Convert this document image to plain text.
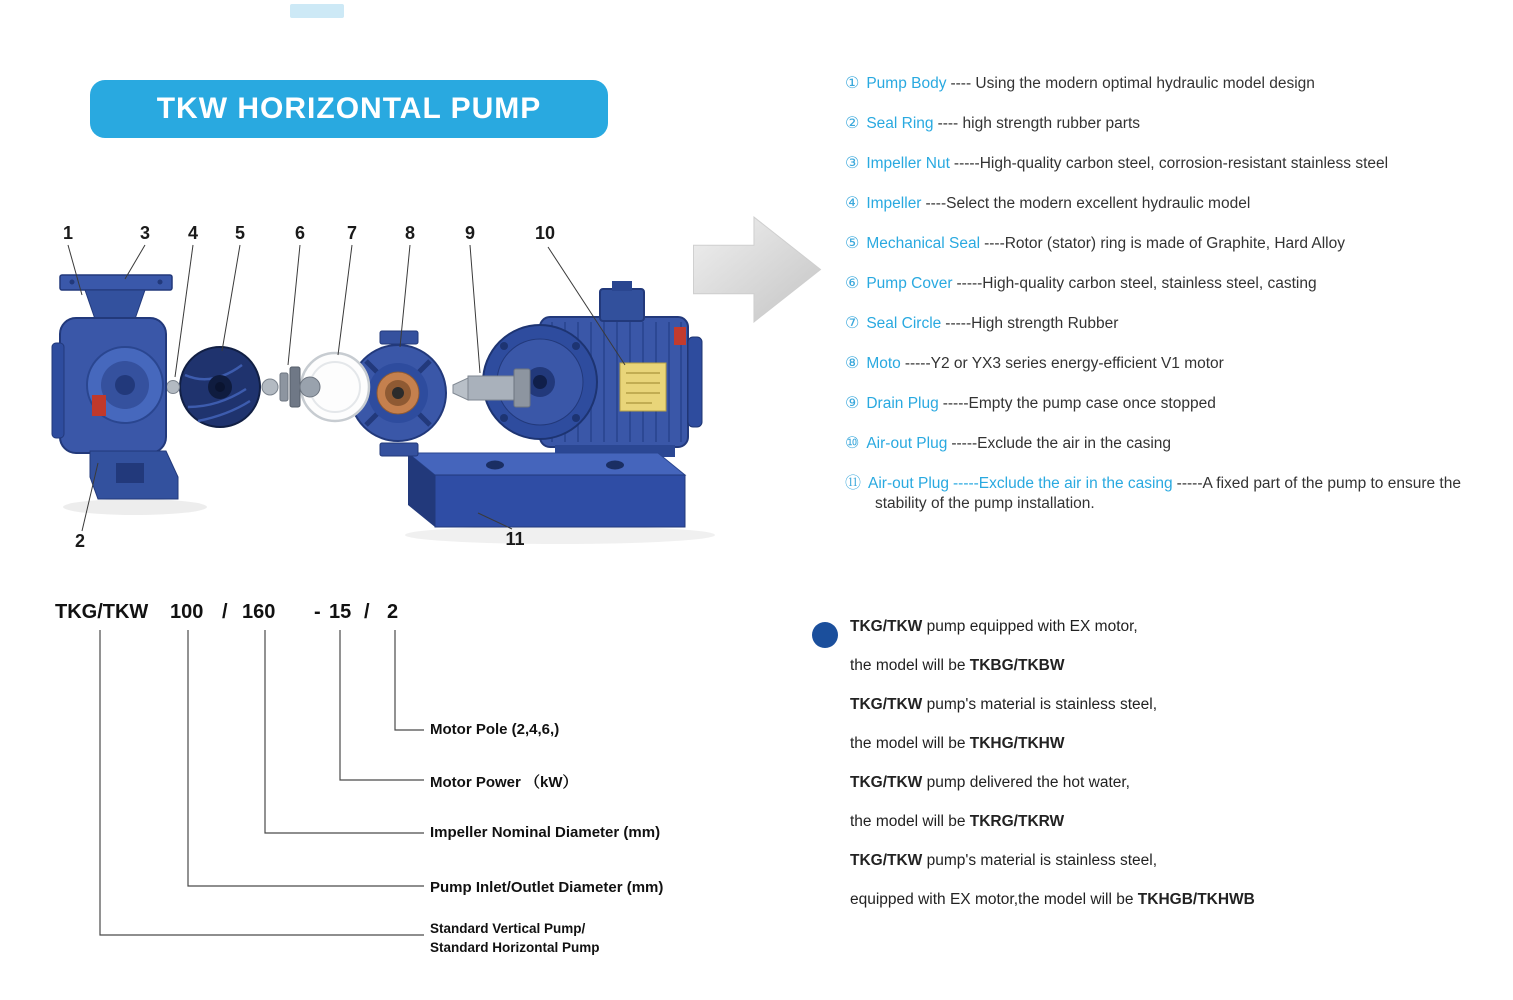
TKW HORIZONTAL PUMP
1	3 4 5	6 7	8	9	10
2	11
① Pump Body ---- Using the modern optimal hydraulic model design
② Seal Ring ---- high strength rubber parts
③ Impeller Nut -----High-quality carbon steel, corrosion-resistant stainless steel
④ Impeller ----Select the modern excellent hydraulic model
⑤ Mechanical Seal ----Rotor (stator) ring is made of Graphite, Hard Alloy
⑥ Pump Cover -----High-quality carbon steel, stainless steel, casting
⑦ Seal Circle -----High strength Rubber
⑧ Moto -----Y2 or YX3 series energy-efficient V1 motor
⑨ Drain Plug -----Empty the pump case once stopped
⑩ Air-out Plug -----Exclude the air in the casing
⑪ Air-out Plug -----Exclude the air in the casing -----A fixed part of the pump to ensure the stability of the pump installation.
TKG/TKW 100 / 160 - 15 / 2
Motor Pole (2,4,6,)
Motor Power （kW）
Impeller Nominal Diameter (mm)
Pump Inlet/Outlet Diameter (mm)
Standard Vertical Pump/
Standard Horizontal Pump
TKG/TKW pump equipped with EX motor,
the model will be TKBG/TKBW
TKG/TKW pump's material is stainless steel,
the model will be TKHG/TKHW
TKG/TKW pump delivered the hot water,
the model will be TKRG/TKRW
TKG/TKW pump's material is stainless steel,
equipped with EX motor,the model will be TKHGB/TKHWB
